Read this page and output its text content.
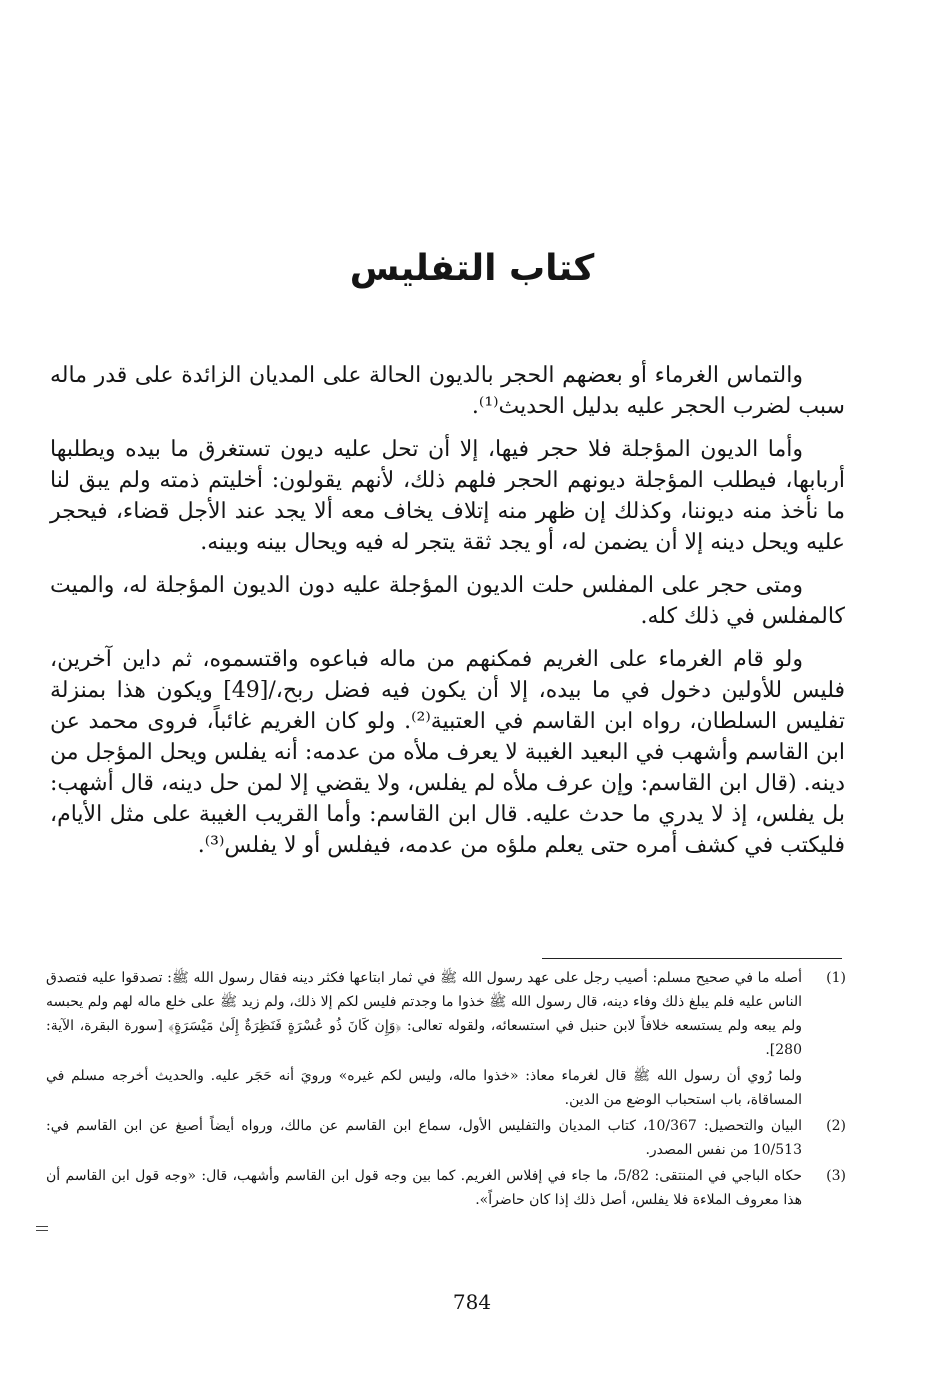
كتاب التفليس

والتماس الغرماء أو بعضهم الحجر بالديون الحالة على المديان الزائدة على قدر ماله سبب لضرب الحجر عليه بدليل الحديث⁽¹⁾.

وأما الديون المؤجلة فلا حجر فيها، إلا أن تحل عليه ديون تستغرق ما بيده ويطلبها أربابها، فيطلب المؤجلة ديونهم الحجر فلهم ذلك، لأنهم يقولون: أخليتم ذمته ولم يبق لنا ما نأخذ منه ديوننا، وكذلك إن ظهر منه إتلاف يخاف معه ألا يجد عند الأجل قضاء، فيحجر عليه ويحل دينه إلا أن يضمن له، أو يجد ثقة يتجر له فيه ويحال بينه وبينه.

ومتى حجر على المفلس حلت الديون المؤجلة عليه دون الديون المؤجلة له، والميت كالمفلس في ذلك كله.

ولو قام الغرماء على الغريم فمكنهم من ماله فباعوه واقتسموه، ثم داين آخرين، فليس للأولين دخول في ما بيده، إلا أن يكون فيه فضل ربح،/[49] ويكون هذا بمنزلة تفليس السلطان، رواه ابن القاسم في العتبية⁽²⁾. ولو كان الغريم غائباً، فروى محمد عن ابن القاسم وأشهب في البعيد الغيبة لا يعرف ملأه من عدمه: أنه يفلس ويحل المؤجل من دينه. (قال ابن القاسم: وإن عرف ملأه لم يفلس، ولا يقضي إلا لمن حل دينه، قال أشهب: بل يفلس، إذ لا يدري ما حدث عليه. قال ابن القاسم: وأما القريب الغيبة على مثل الأيام، فليكتب في كشف أمره حتى يعلم ملؤه من عدمه، فيفلس أو لا يفلس⁽³⁾.

(1)
أصله ما في صحيح مسلم: أصيب رجل على عهد رسول الله ﷺ في ثمار ابتاعها فكثر دينه فقال رسول الله ﷺ: تصدقوا عليه فتصدق الناس عليه فلم يبلغ ذلك وفاء دينه، قال رسول الله ﷺ خذوا ما وجدتم فليس لكم إلا ذلك، ولم زيد ﷺ على خلع ماله لهم ولم يحبسه ولم يبعه ولم يستسعه خلافاً لابن حنبل في استسعائه، ولقوله تعالى: ﴿وَإِن كَانَ ذُو عُسْرَةٍ فَنَظِرَةٌ إِلَىٰ مَيْسَرَةٍ﴾ [سورة البقرة، الآية: 280].
ولما رُوي أن رسول الله ﷺ قال لغرماء معاذ: «خذوا ماله، وليس لكم غيره» ورويَ أنه حَجَر عليه. والحديث أخرجه مسلم في المساقاة، باب استحباب الوضع من الدين.
(2)
البيان والتحصيل: 10/367، كتاب المديان والتفليس الأول، سماع ابن القاسم عن مالك، ورواه أيضاً أصبغ عن ابن القاسم في: 10/513 من نفس المصدر.
(3)
حكاه الباجي في المنتقى: 5/82، ما جاء في إفلاس الغريم. كما بين وجه قول ابن القاسم وأشهب، قال: «وجه قول ابن القاسم أن هذا معروف الملاءة فلا يفلس، أصل ذلك إذا كان حاضراً».
784
